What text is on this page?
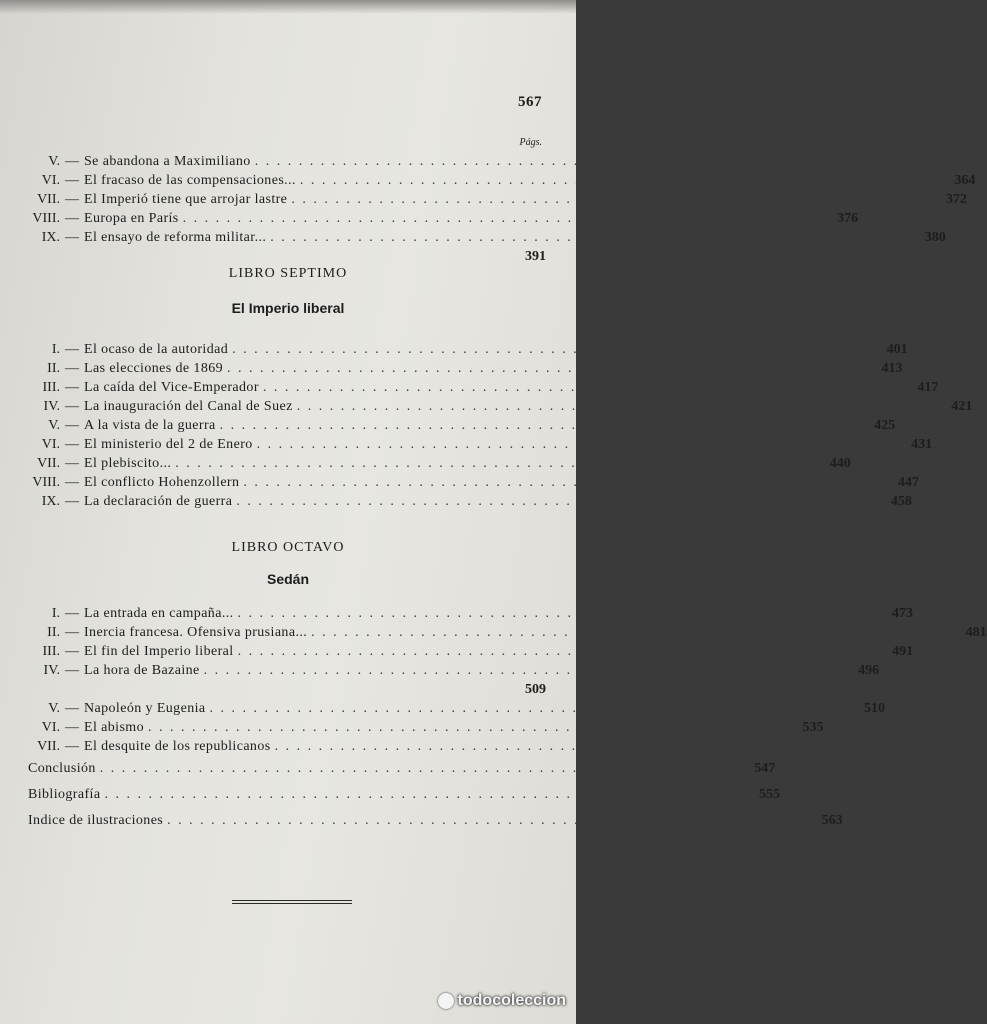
567
Págs.
V. — Se abandona a Maximiliano . . . . . . . . . . . . . . . . . . . . . . . . . . . . . . . . . . . . . . . . . . . . . . . . . . . . . . . . . . .
VI. — El fracaso de las compensaciones... . . . . . . . . . . . . . . . . . . . . . . . . . . . . . . . . . . . . . . . . . . . . . . . . . . . . . . . . . . . 364
VII. — El Imperió tiene que arrojar lastre . . . . . . . . . . . . . . . . . . . . . . . . . . . . . . . . . . . . . . . . . . . . . . . . . . . . . . . . . . . 372
VIII. — Europa en París . . . . . . . . . . . . . . . . . . . . . . . . . . . . . . . . . . . . . . . . . . . . . . . . . . . . . . . . . . . 376
IX. — El ensayo de reforma militar... . . . . . . . . . . . . . . . . . . . . . . . . . . . . . . . . . . . . . . . . . . . . . . . . . . . . . . . . . . . 380
391
LIBRO SEPTIMO
El Imperio liberal
I. — El ocaso de la autoridad . . . . . . . . . . . . . . . . . . . . . . . . . . . . . . . . . . . . . . . . . . . . . . . . . . . . . . . . . . . 401
II. — Las elecciones de 1869 . . . . . . . . . . . . . . . . . . . . . . . . . . . . . . . . . . . . . . . . . . . . . . . . . . . . . . . . . . . 413
III. — La caída del Vice-Emperador . . . . . . . . . . . . . . . . . . . . . . . . . . . . . . . . . . . . . . . . . . . . . . . . . . . . . . . . . . . 417
IV. — La inauguración del Canal de Suez . . . . . . . . . . . . . . . . . . . . . . . . . . . . . . . . . . . . . . . . . . . . . . . . . . . . . . . . . . . 421
V. — A la vista de la guerra . . . . . . . . . . . . . . . . . . . . . . . . . . . . . . . . . . . . . . . . . . . . . . . . . . . . . . . . . . . 425
VI. — El ministerio del 2 de Enero . . . . . . . . . . . . . . . . . . . . . . . . . . . . . . . . . . . . . . . . . . . . . . . . . . . . . . . . . . . 431
VII. — El plebiscito... . . . . . . . . . . . . . . . . . . . . . . . . . . . . . . . . . . . . . . . . . . . . . . . . . . . . . . . . . . . 440
VIII. — El conflicto Hohenzollern . . . . . . . . . . . . . . . . . . . . . . . . . . . . . . . . . . . . . . . . . . . . . . . . . . . . . . . . . . . 447
IX. — La declaración de guerra . . . . . . . . . . . . . . . . . . . . . . . . . . . . . . . . . . . . . . . . . . . . . . . . . . . . . . . . . . . 458
LIBRO OCTAVO
Sedán
I. — La entrada en campaña... . . . . . . . . . . . . . . . . . . . . . . . . . . . . . . . . . . . . . . . . . . . . . . . . . . . . . . . . . . . 473
II. — Inercia francesa. Ofensiva prusiana... . . . . . . . . . . . . . . . . . . . . . . . . . . . . . . . . . . . . . . . . . . . . . . . . . . . . . . . . . . . 481
III. — El fin del Imperio liberal . . . . . . . . . . . . . . . . . . . . . . . . . . . . . . . . . . . . . . . . . . . . . . . . . . . . . . . . . . . 491
IV. — La hora de Bazaine . . . . . . . . . . . . . . . . . . . . . . . . . . . . . . . . . . . . . . . . . . . . . . . . . . . . . . . . . . . 496
509
V. — Napoleón y Eugenia . . . . . . . . . . . . . . . . . . . . . . . . . . . . . . . . . . . . . . . . . . . . . . . . . . . . . . . . . . . 510
VI. — El abismo . . . . . . . . . . . . . . . . . . . . . . . . . . . . . . . . . . . . . . . . . . . . . . . . . . . . . . . . . . . 535
VII. — El desquite de los republicanos . . . . . . . . . . . . . . . . . . . . . . . . . . . . . . . . . . . . . . . . . . . . . . . . . . . . . . . . . . .
Conclusión . . . . . . . . . . . . . . . . . . . . . . . . . . . . . . . . . . . . . . . . . . . . . . . . . . . . . . . . . . . 547
Bibliografía . . . . . . . . . . . . . . . . . . . . . . . . . . . . . . . . . . . . . . . . . . . . . . . . . . . . . . . . . . . 555
Indice de ilustraciones . . . . . . . . . . . . . . . . . . . . . . . . . . . . . . . . . . . . . . . . . . . . . . . . . . . . . . . . . . . 563
todocoleccion
